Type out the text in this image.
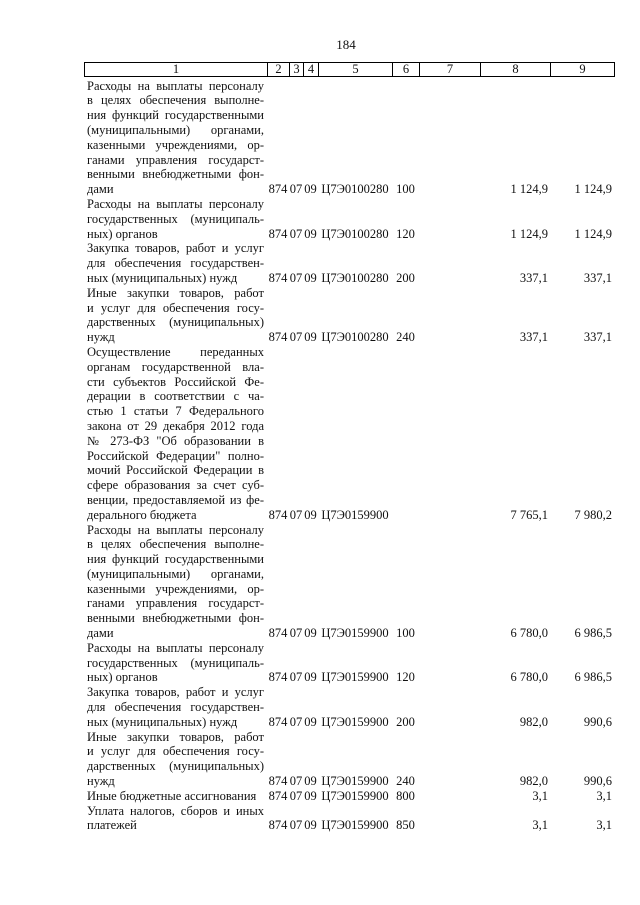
184
1	2 3 4	5	6	7	8	9
Расходы на выплаты персоналу
в целях обеспечения выполне-
ния функций государственными
(муниципальными) органами,
казенными учреждениями, ор-
ганами управления государст-
венными внебюджетными фон-
дами	874 07 09 Ц7Э0100280 100	1 124,9	1 124,9
Расходы на выплаты персоналу
государственных (муниципаль-
ных) органов	874 07 09 Ц7Э0100280 120	1 124,9	1 124,9
Закупка товаров, работ и услуг
для обеспечения государствен-
ных (муниципальных) нужд	874 07 09 Ц7Э0100280 200	337,1	337,1
Иные закупки товаров, работ
и услуг для обеспечения госу-
дарственных (муниципальных)
нужд	874 07 09 Ц7Э0100280 240	337,1	337,1
Осуществление переданных
органам государственной вла-
сти субъектов Российской Фе-
дерации в соответствии с ча-
стью 1 статьи 7 Федерального
закона от 29 декабря 2012 года
№ 273-ФЗ "Об образовании в
Российской Федерации" полно-
мочий Российской Федерации в
сфере образования за счет суб-
венции, предоставляемой из фе-
дерального бюджета	874 07 09 Ц7Э0159900	7 765,1	7 980,2
Расходы на выплаты персоналу
в целях обеспечения выполне-
ния функций государственными
(муниципальными) органами,
казенными учреждениями, ор-
ганами управления государст-
венными внебюджетными фон-
дами	874 07 09 Ц7Э0159900 100	6 780,0	6 986,5
Расходы на выплаты персоналу
государственных (муниципаль-
ных) органов	874 07 09 Ц7Э0159900 120	6 780,0	6 986,5
Закупка товаров, работ и услуг
для обеспечения государствен-
ных (муниципальных) нужд	874 07 09 Ц7Э0159900 200	982,0	990,6
Иные закупки товаров, работ
и услуг для обеспечения госу-
дарственных (муниципальных)
нужд	874 07 09 Ц7Э0159900 240	982,0	990,6
Иные бюджетные ассигнования 874 07 09 Ц7Э0159900 800	3,1	3,1
Уплата налогов, сборов и иных
платежей	874 07 09 Ц7Э0159900 850	3,1	3,1
